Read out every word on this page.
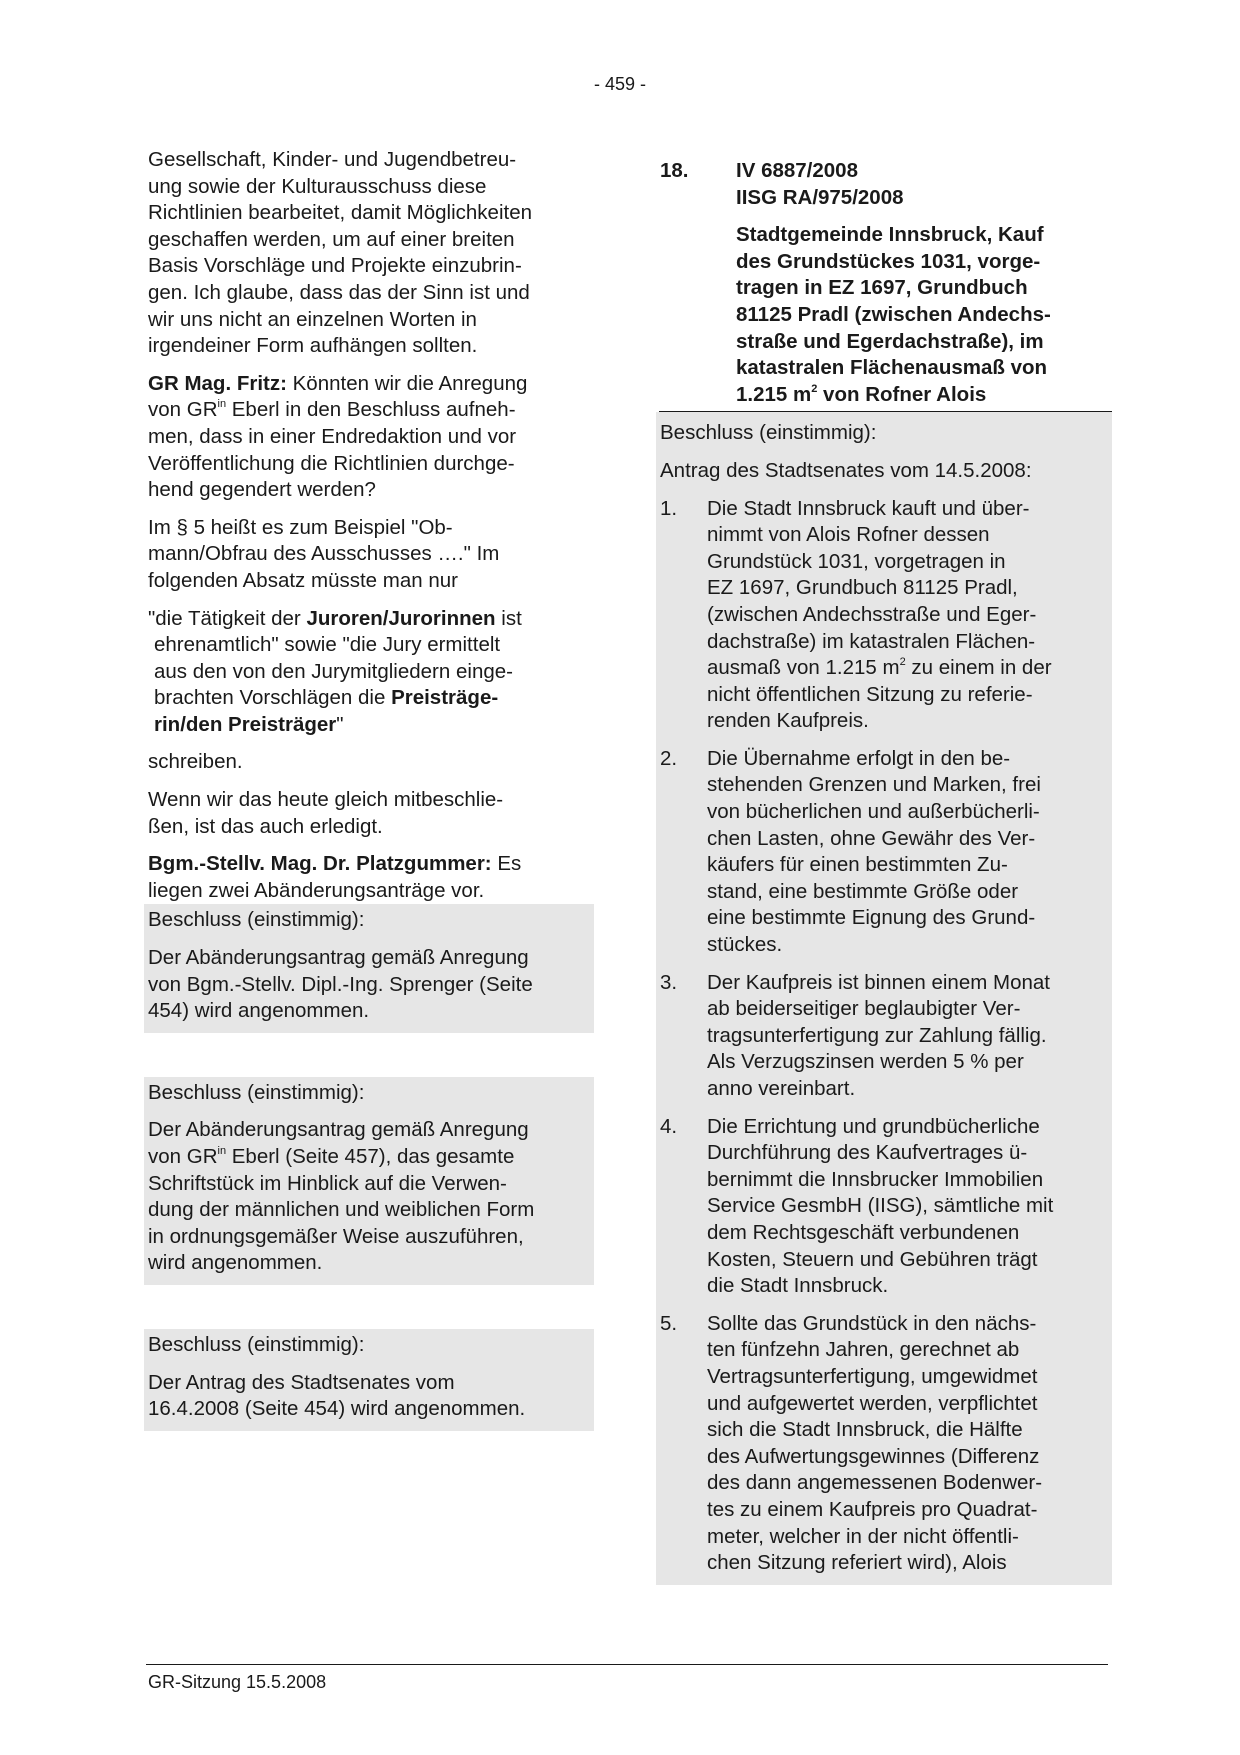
- 459 -
Gesellschaft, Kinder- und Jugendbetreu-
ung sowie der Kulturausschuss diese
Richtlinien bearbeitet, damit Möglichkeiten
geschaffen werden, um auf einer breiten
Basis Vorschläge und Projekte einzubrin-
gen. Ich glaube, dass das der Sinn ist und
wir uns nicht an einzelnen Worten in
irgendeiner Form aufhängen sollten.
GR Mag. Fritz: Könnten wir die Anregung
von $GR^{in}$ Eberl in den Beschluss aufneh-
men, dass in einer Endredaktion und vor
Veröffentlichung die Richtlinien durchge-
hend gegendert werden?
Im § 5 heißt es zum Beispiel "Ob-
mann/Obfrau des Ausschusses …." Im
folgenden Absatz müsste man nur
"die Tätigkeit der Juroren/Jurorinnen ist
ehrenamtlich" sowie "die Jury ermittelt
aus den von den Jurymitgliedern einge-
brachten Vorschlägen die Preisträge-
rin/den Preisträger"
schreiben.
Wenn wir das heute gleich mitbeschlie-
ßen, ist das auch erledigt.
Bgm.-Stellv. Mag. Dr. Platzgummer: Es
liegen zwei Abänderungsanträge vor.
Beschluss (einstimmig):
Der Abänderungsantrag gemäß Anregung
von Bgm.-Stellv. Dipl.-Ing. Sprenger (Seite
454) wird angenommen.
Beschluss (einstimmig):
Der Abänderungsantrag gemäß Anregung
von $GR^{in}$ Eberl (Seite 457), das gesamte
Schriftstück im Hinblick auf die Verwen-
dung der männlichen und weiblichen Form
in ordnungsgemäßer Weise auszuführen,
wird angenommen.
Beschluss (einstimmig):
Der Antrag des Stadtsenates vom
16.4.2008 (Seite 454) wird angenommen.
18. IV 6887/2008
IISG RA/975/2008
Stadtgemeinde Innsbruck, Kauf
des Grundstückes 1031, vorge-
tragen in EZ 1697, Grundbuch
81125 Pradl (zwischen Andechs-
straße und Egerdachstraße), im
katastralen Flächenausmaß von
1.215 $m^2$ von Rofner Alois
Beschluss (einstimmig):
Antrag des Stadtsenates vom 14.5.2008:
1. Die Stadt Innsbruck kauft und über-
nimmt von Alois Rofner dessen
Grundstück 1031, vorgetragen in
EZ 1697, Grundbuch 81125 Pradl,
(zwischen Andechsstraße und Eger-
dachstraße) im katastralen Flächen-
ausmaß von 1.215 $m^2$ zu einem in der
nicht öffentlichen Sitzung zu referie-
renden Kaufpreis.
2. Die Übernahme erfolgt in den be-
stehenden Grenzen und Marken, frei
von bücherlichen und außerbücherli-
chen Lasten, ohne Gewähr des Ver-
käufers für einen bestimmten Zu-
stand, eine bestimmte Größe oder
eine bestimmte Eignung des Grund-
stückes.
3. Der Kaufpreis ist binnen einem Monat
ab beiderseitiger beglaubigter Ver-
tragsunterfertigung zur Zahlung fällig.
Als Verzugszinsen werden 5 % per
anno vereinbart.
4. Die Errichtung und grundbücherliche
Durchführung des Kaufvertrages ü-
bernimmt die Innsbrucker Immobilien
Service GesmbH (IISG), sämtliche mit
dem Rechtsgeschäft verbundenen
Kosten, Steuern und Gebühren trägt
die Stadt Innsbruck.
5. Sollte das Grundstück in den nächs-
ten fünfzehn Jahren, gerechnet ab
Vertragsunterfertigung, umgewidmet
und aufgewertet werden, verpflichtet
sich die Stadt Innsbruck, die Hälfte
des Aufwertungsgewinnes (Differenz
des dann angemessenen Bodenwer-
tes zu einem Kaufpreis pro Quadrat-
meter, welcher in der nicht öffentli-
chen Sitzung referiert wird), Alois
GR-Sitzung 15.5.2008
